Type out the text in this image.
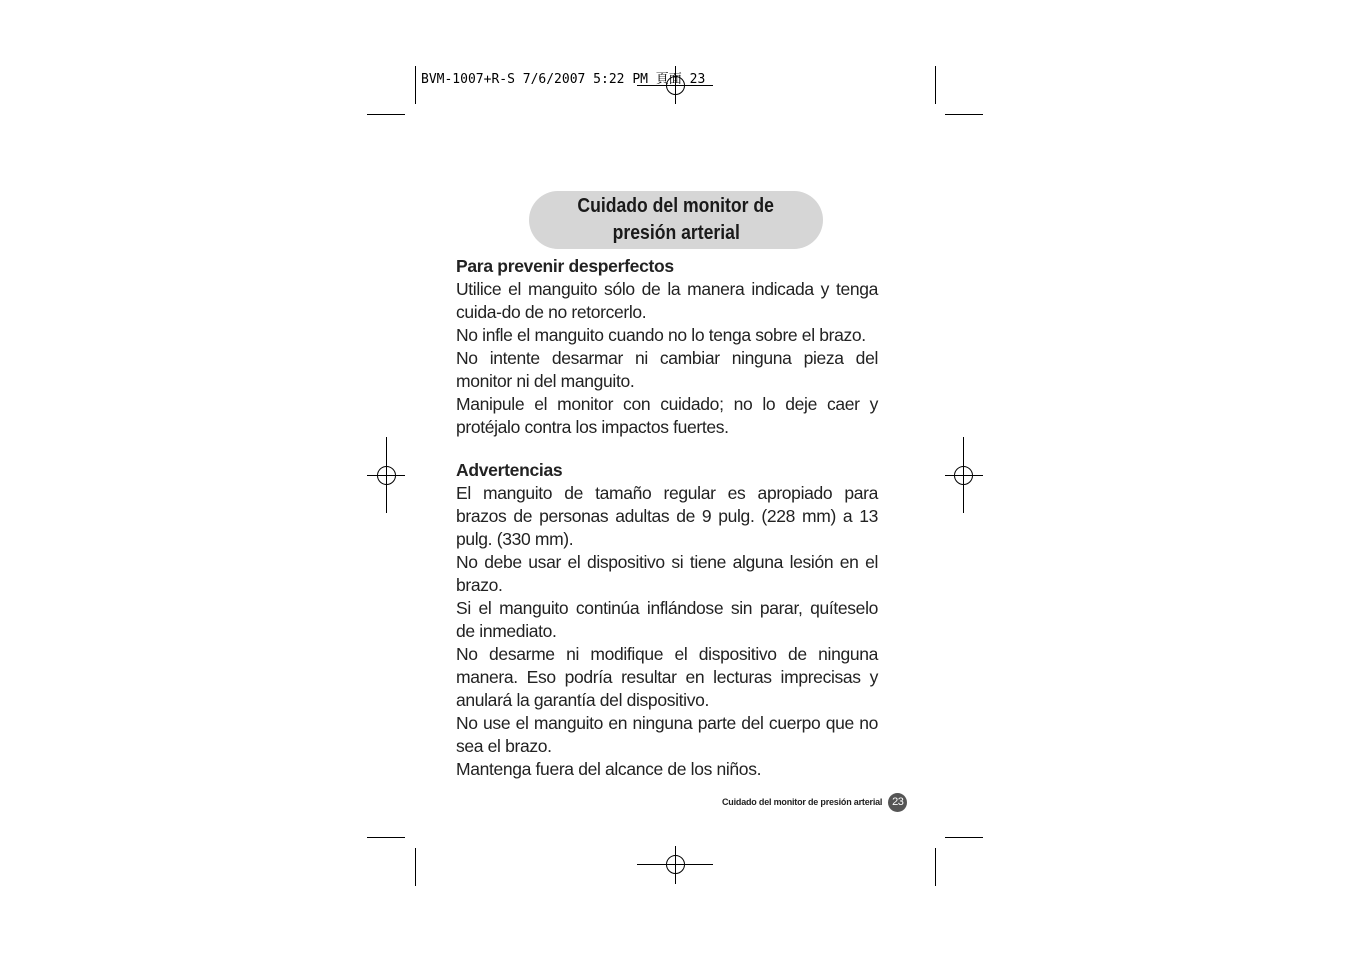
BVM-1007+R-S 7/6/2007 5:22 PM 頁面 23
Cuidado del monitor de
presión arterial
Para prevenir desperfectos

Utilice el manguito sólo de la manera indicada y tenga cuida-do de no retorcerlo.

No infle el manguito cuando no lo tenga sobre el brazo.

No intente desarmar ni cambiar ninguna pieza del monitor ni del manguito.

Manipule el monitor con cuidado; no lo deje caer y protéjalo contra los impactos fuertes.

Advertencias

El manguito de tamaño regular es apropiado para brazos de personas adultas de 9 pulg. (228 mm) a 13 pulg. (330 mm).

No debe usar el dispositivo si tiene alguna lesión en el brazo.

Si el manguito continúa inflándose sin parar, quíteselo de inmediato.

No desarme ni modifique el dispositivo de ninguna manera. Eso podría resultar en lecturas imprecisas y anulará la garantía del dispositivo.

No use el manguito en ninguna parte del cuerpo que no sea el brazo.

Mantenga fuera del alcance de los niños.

Cuidado del monitor de presión arterial 23
